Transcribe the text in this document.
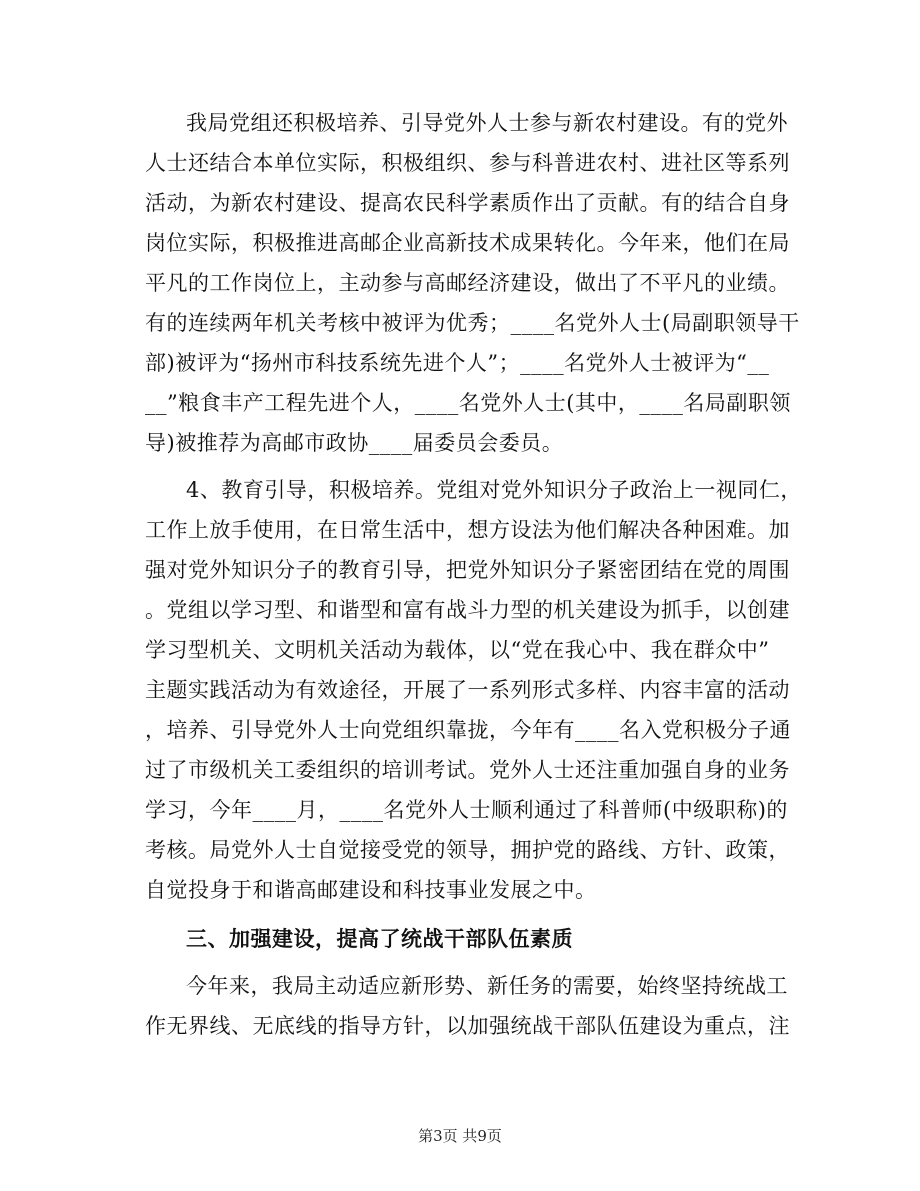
我局党组还积极培养、引导党外人士参与新农村建设。有的党外
人士还结合本单位实际，积极组织、参与科普进农村、进社区等系列
活动，为新农村建设、提高农民科学素质作出了贡献。有的结合自身
岗位实际，积极推进高邮企业高新技术成果转化。今年来，他们在局
平凡的工作岗位上，主动参与高邮经济建设，做出了不平凡的业绩。
有的连续两年机关考核中被评为优秀；____名党外人士(局副职领导干
部)被评为“扬州市科技系统先进个人”；____名党外人士被评为“__
__”粮食丰产工程先进个人，____名党外人士(其中，____名局副职领
导)被推荐为高邮市政协____届委员会委员。
4、教育引导，积极培养。党组对党外知识分子政治上一视同仁，
工作上放手使用，在日常生活中，想方设法为他们解决各种困难。加
强对党外知识分子的教育引导，把党外知识分子紧密团结在党的周围
。党组以学习型、和谐型和富有战斗力型的机关建设为抓手，以创建
学习型机关、文明机关活动为载体，以“党在我心中、我在群众中”
主题实践活动为有效途径，开展了一系列形式多样、内容丰富的活动
，培养、引导党外人士向党组织靠拢，今年有____名入党积极分子通
过了市级机关工委组织的培训考试。党外人士还注重加强自身的业务
学习，今年____月，____名党外人士顺利通过了科普师(中级职称)的
考核。局党外人士自觉接受党的领导，拥护党的路线、方针、政策，
自觉投身于和谐高邮建设和科技事业发展之中。
三、加强建设，提高了统战干部队伍素质
今年来，我局主动适应新形势、新任务的需要，始终坚持统战工
作无界线、无底线的指导方针，以加强统战干部队伍建设为重点，注
第3页 共9页
